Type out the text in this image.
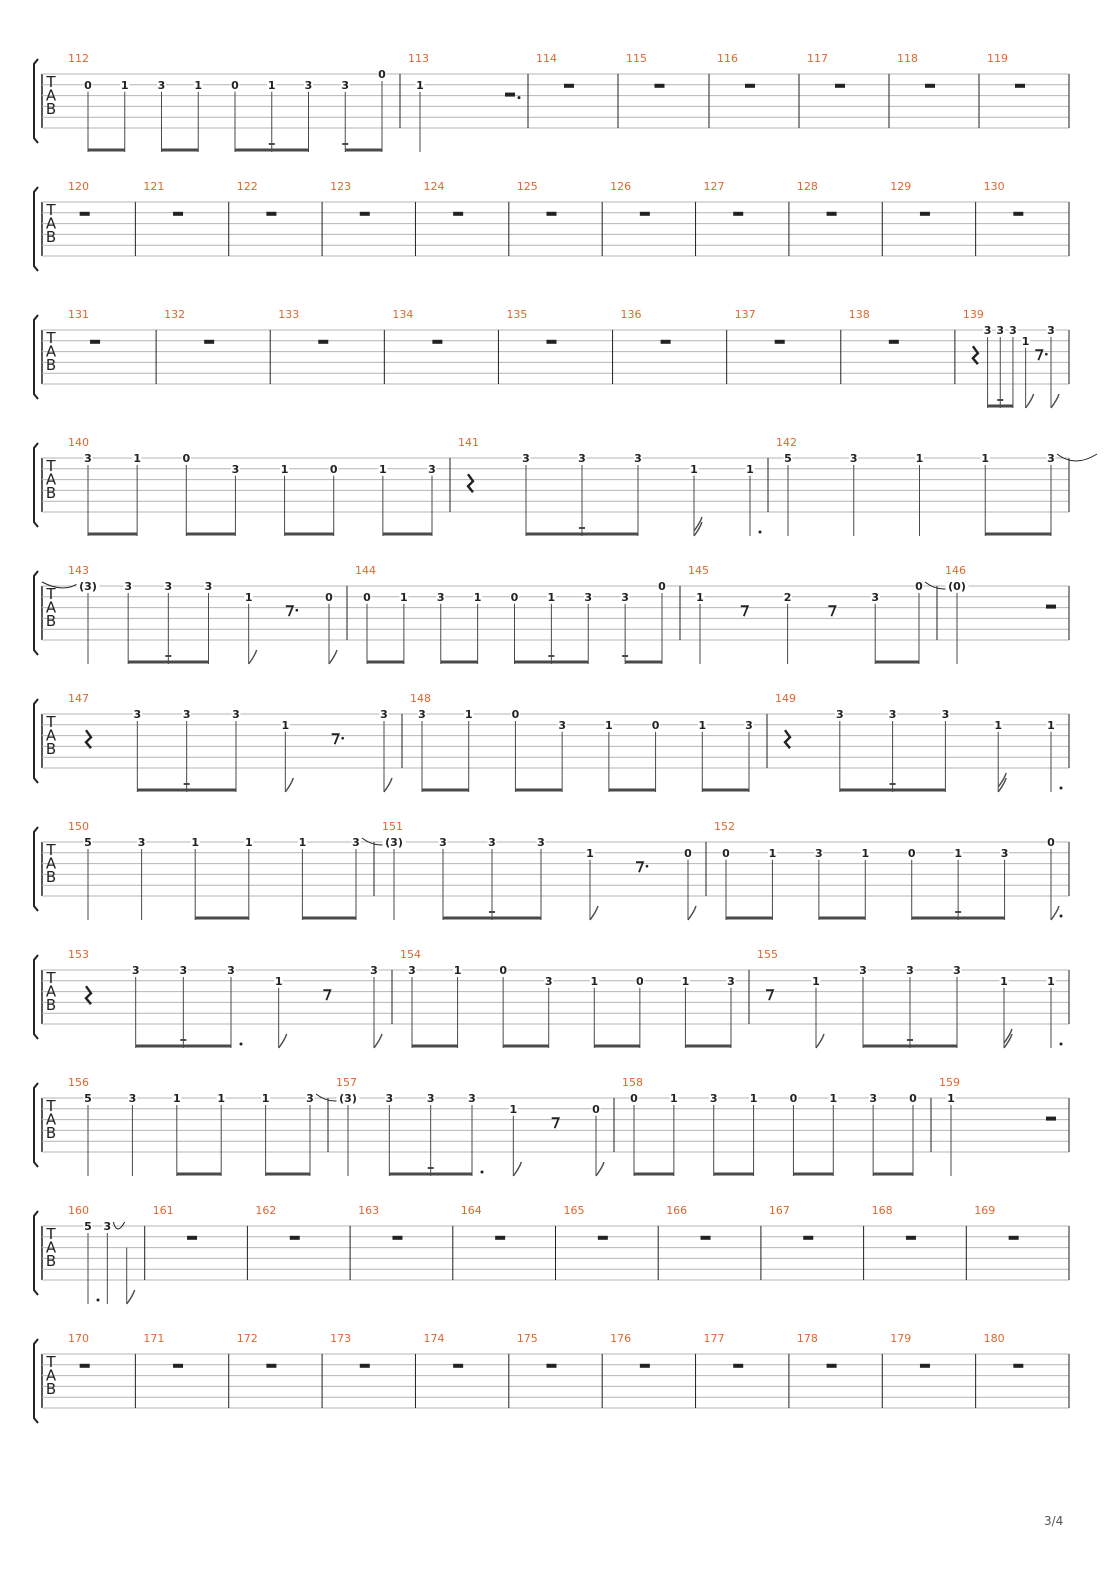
T
A
B
112
0	1	3	1	0	1	3	3
0
113
1
114	115	116	117	118	119
T
A
B
120	121	122	123	124	125	126	127	128	129	130
T
A
B
131	132	133	134	135	136	137	138	139
3 3 3
1
3
T
A
B
140
3	1	0
3	1	0	1	3
141
3	3	3
1	1
142
5	3	1	1	3
T
A
B
143
(3) 3	3	3
1	0
144
0	1	3	1	0	1	3	3
0
145
1	2	3
0
146
(0)
T
A
B
147
3	3	3
1
3
148
3	1	0
3	1	0	1	3
149
3	3	3
1	1
T
A
B
150
5	3	1	1	1	3
151
(3)	3	3	3
1	0
152
0	1	3	1	0	1	3
0
T
A
B
153
3	3	3
1
3
154
3	1	0
3	1	0	1	3
155
1
3	3	3
1	1
T
A
B
156
5	3	1	1	1	3
157
(3)	3	3	3
1	0
158
0	1	3	1	0	1	3	0
159
1
T
A
B
160
5 3
161	162	163	164	165	166	167	168	169
T
A
B
170	171	172	173	174	175	176	177	178	179	180
3/4
